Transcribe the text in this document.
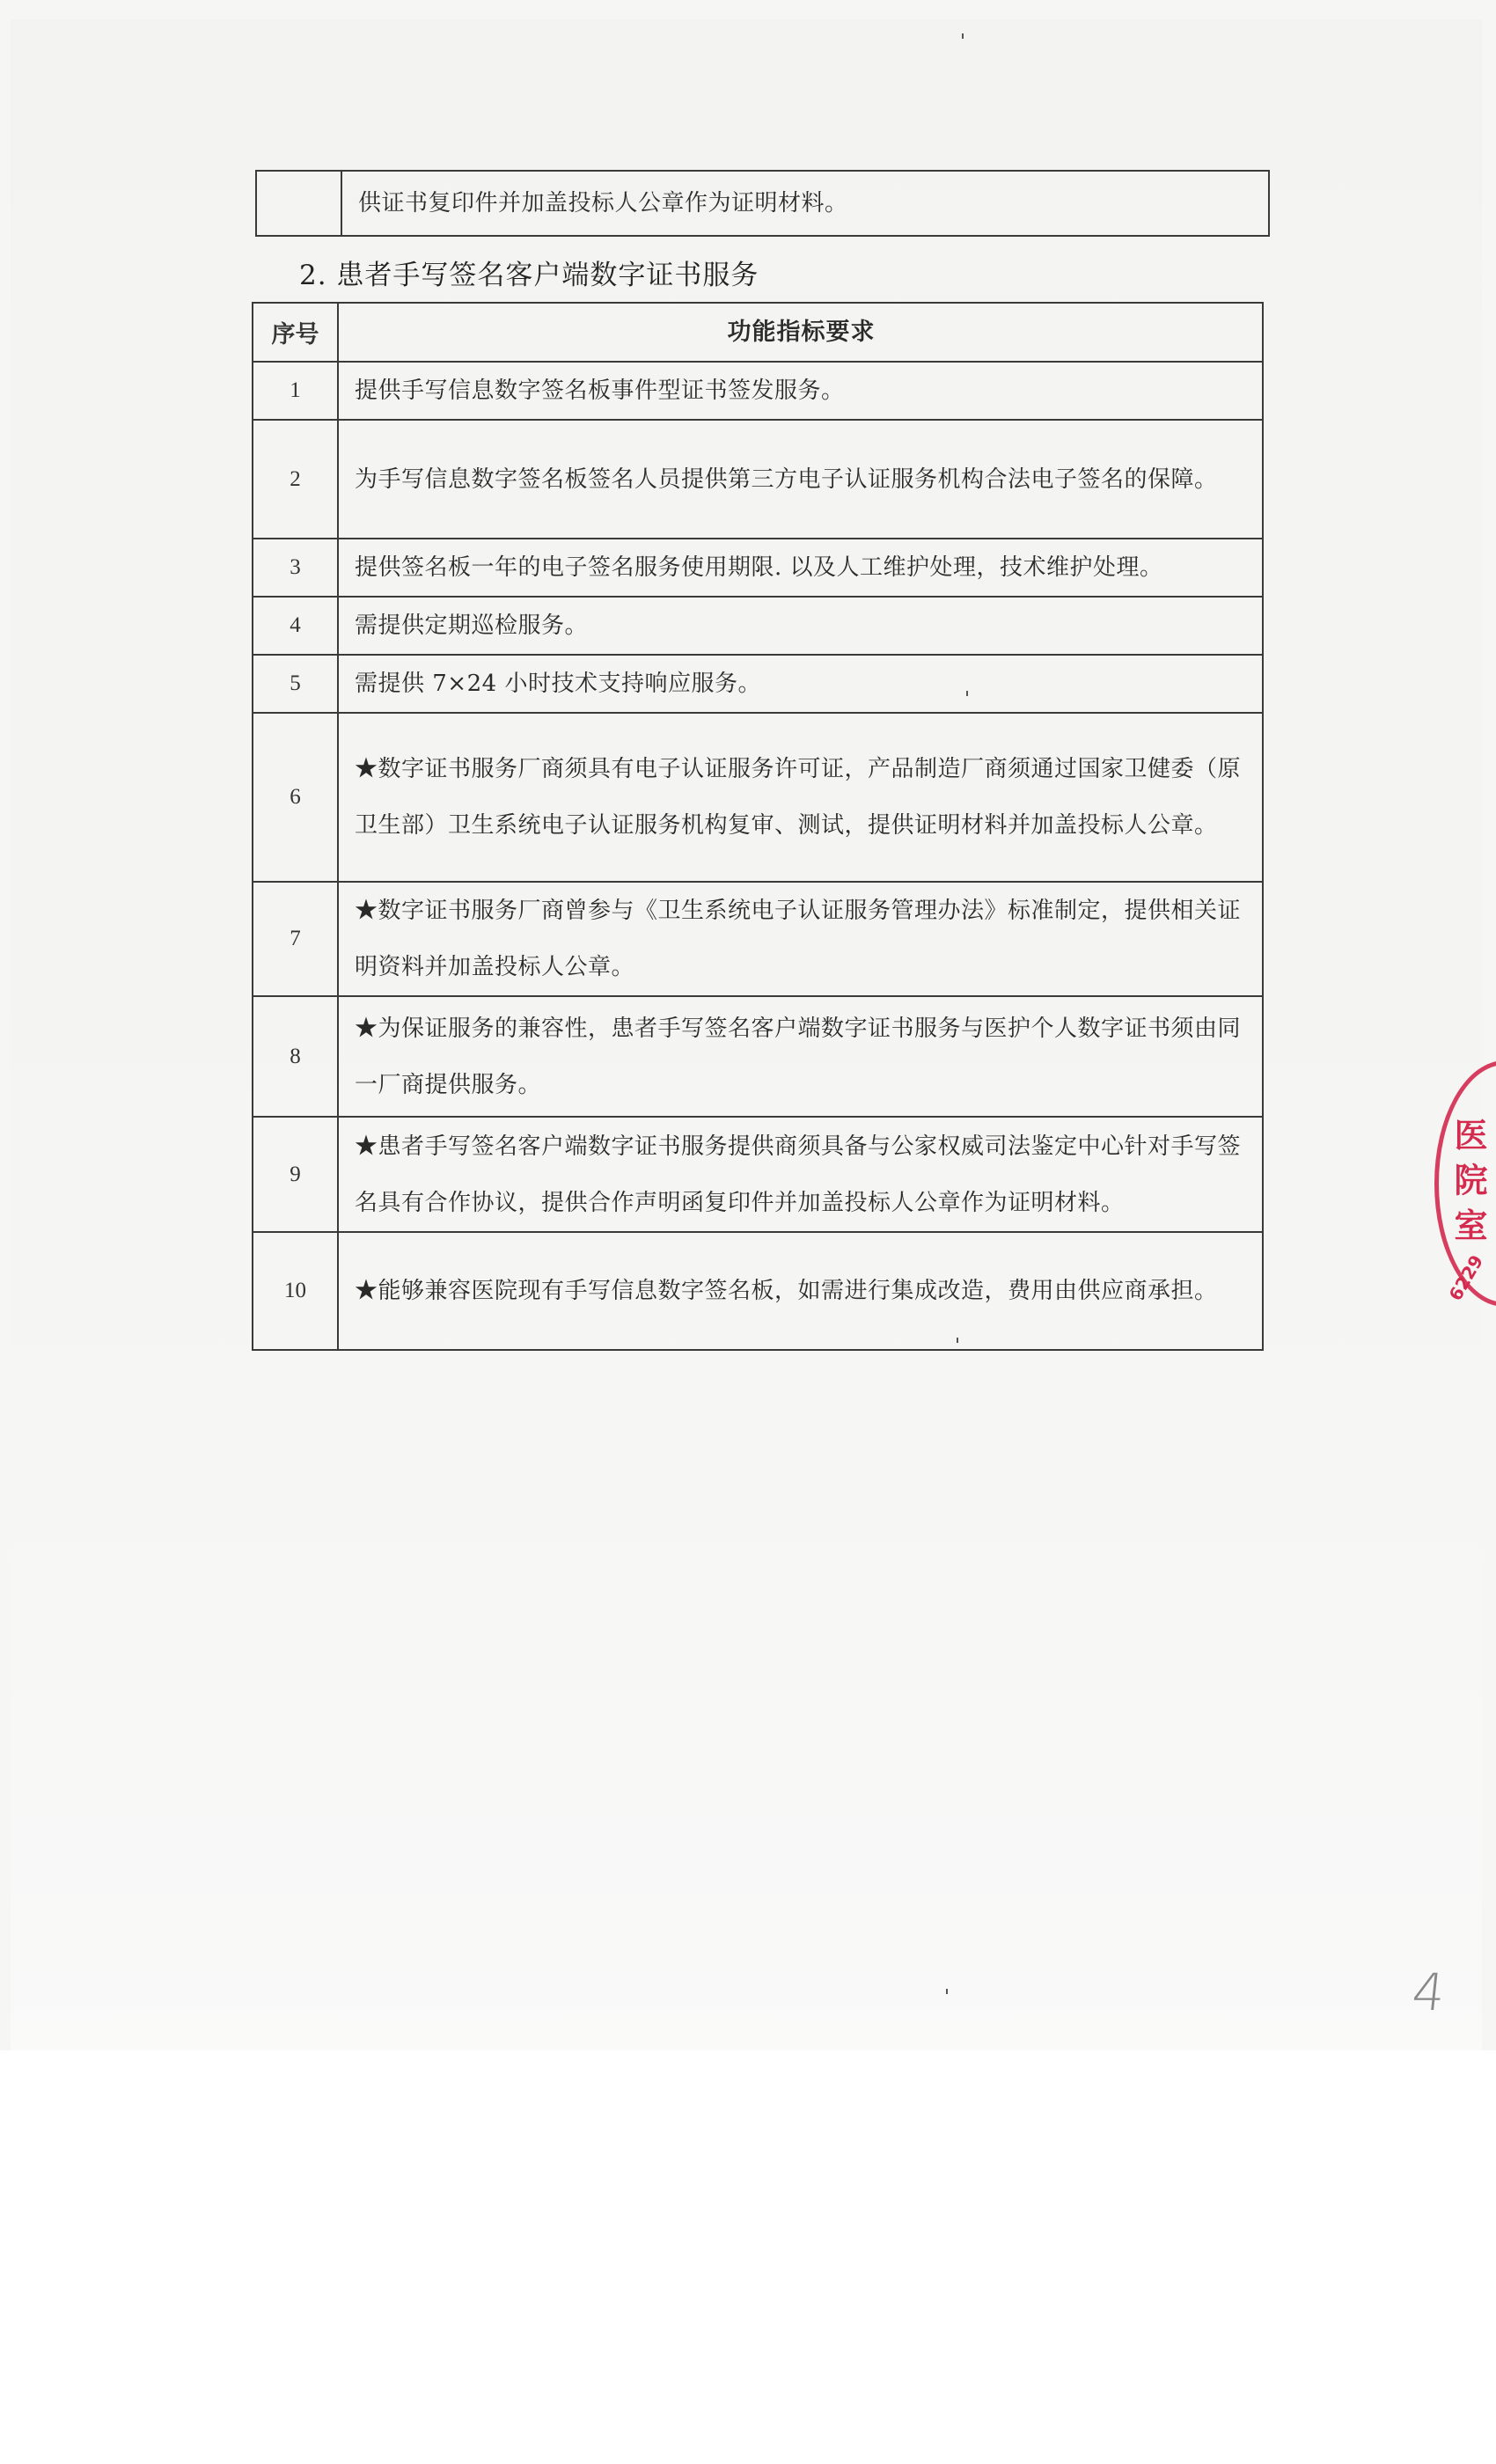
	供证书复印件并加盖投标人公章作为证明材料。
2. 患者手写签名客户端数字证书服务
序号	功能指标要求
1	提供手写信息数字签名板事件型证书签发服务。
2	为手写信息数字签名板签名人员提供第三方电子认证服务机构合法电子签名的保障。
3	提供签名板一年的电子签名服务使用期限. 以及人工维护处理，技术维护处理。
4	需提供定期巡检服务。
5	需提供 7×24 小时技术支持响应服务。
6	★数字证书服务厂商须具有电子认证服务许可证，产品制造厂商须通过国家卫健委（原卫生部）卫生系统电子认证服务机构复审、测试，提供证明材料并加盖投标人公章。
7	★数字证书服务厂商曾参与《卫生系统电子认证服务管理办法》标准制定，提供相关证明资料并加盖投标人公章。
8	★为保证服务的兼容性，患者手写签名客户端数字证书服务与医护个人数字证书须由同一厂商提供服务。
9	★患者手写签名客户端数字证书服务提供商须具备与公家权威司法鉴定中心针对手写签名具有合作协议，提供合作声明函复印件并加盖投标人公章作为证明材料。
10	★能够兼容医院现有手写信息数字签名板，如需进行集成改造，费用由供应商承担。
医 院 室
6229
4
